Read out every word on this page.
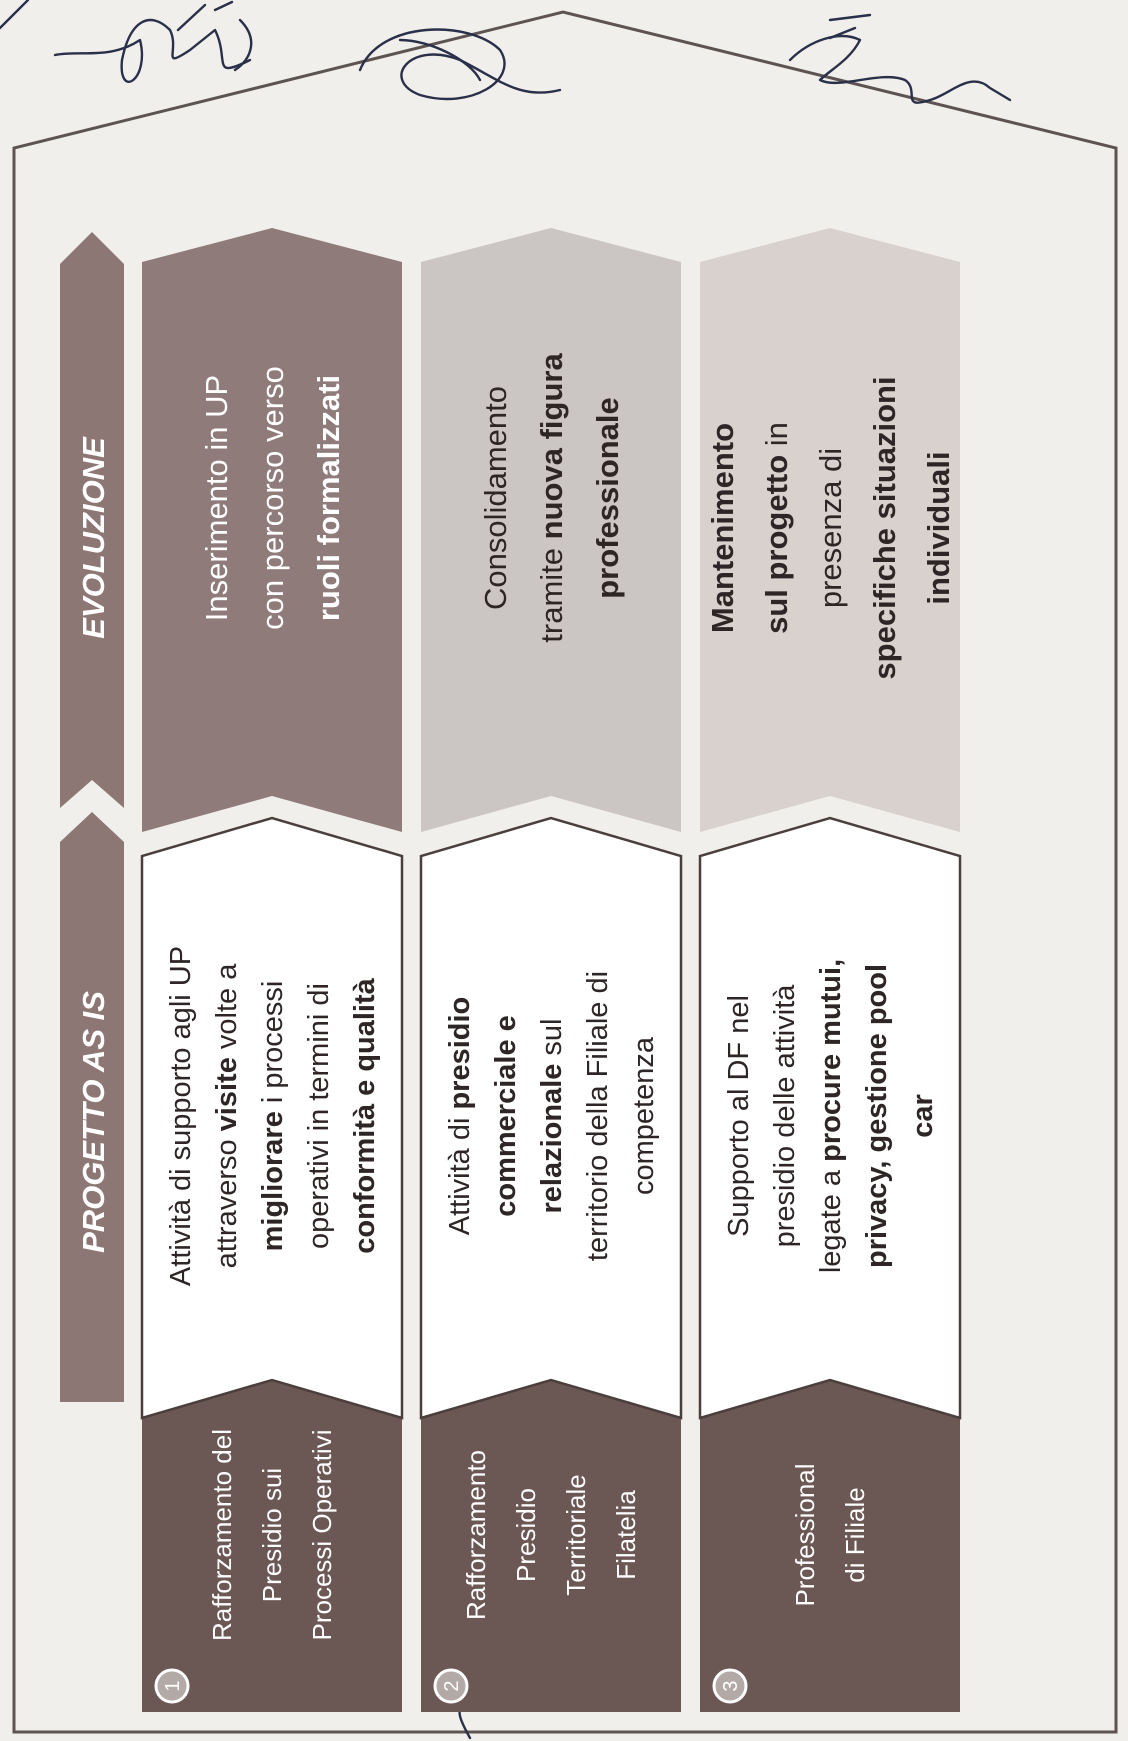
PROGETTO AS IS
EVOLUZIONE
1
Rafforzamento del Presidio sui Processi Operativi
Attività di supporto agli UP attraverso visite volte amigliorare i processi operativi in termini di conformità e qualità
Inserimento in UP con percorso verso ruoli formalizzati
2
Rafforzamento Presidio Territoriale Filatelia
Attività di presidio commerciale e relazionale sul territorio della Filiale di competenza
Consolidamento tramite nuova figura professionale
3
Professional di Filiale
Supporto al DF nel presidio delle attività legate a procure mutui, privacy, gestione pool car
Mantenimento sul progetto inpresenza di specifiche situazioni individuali
